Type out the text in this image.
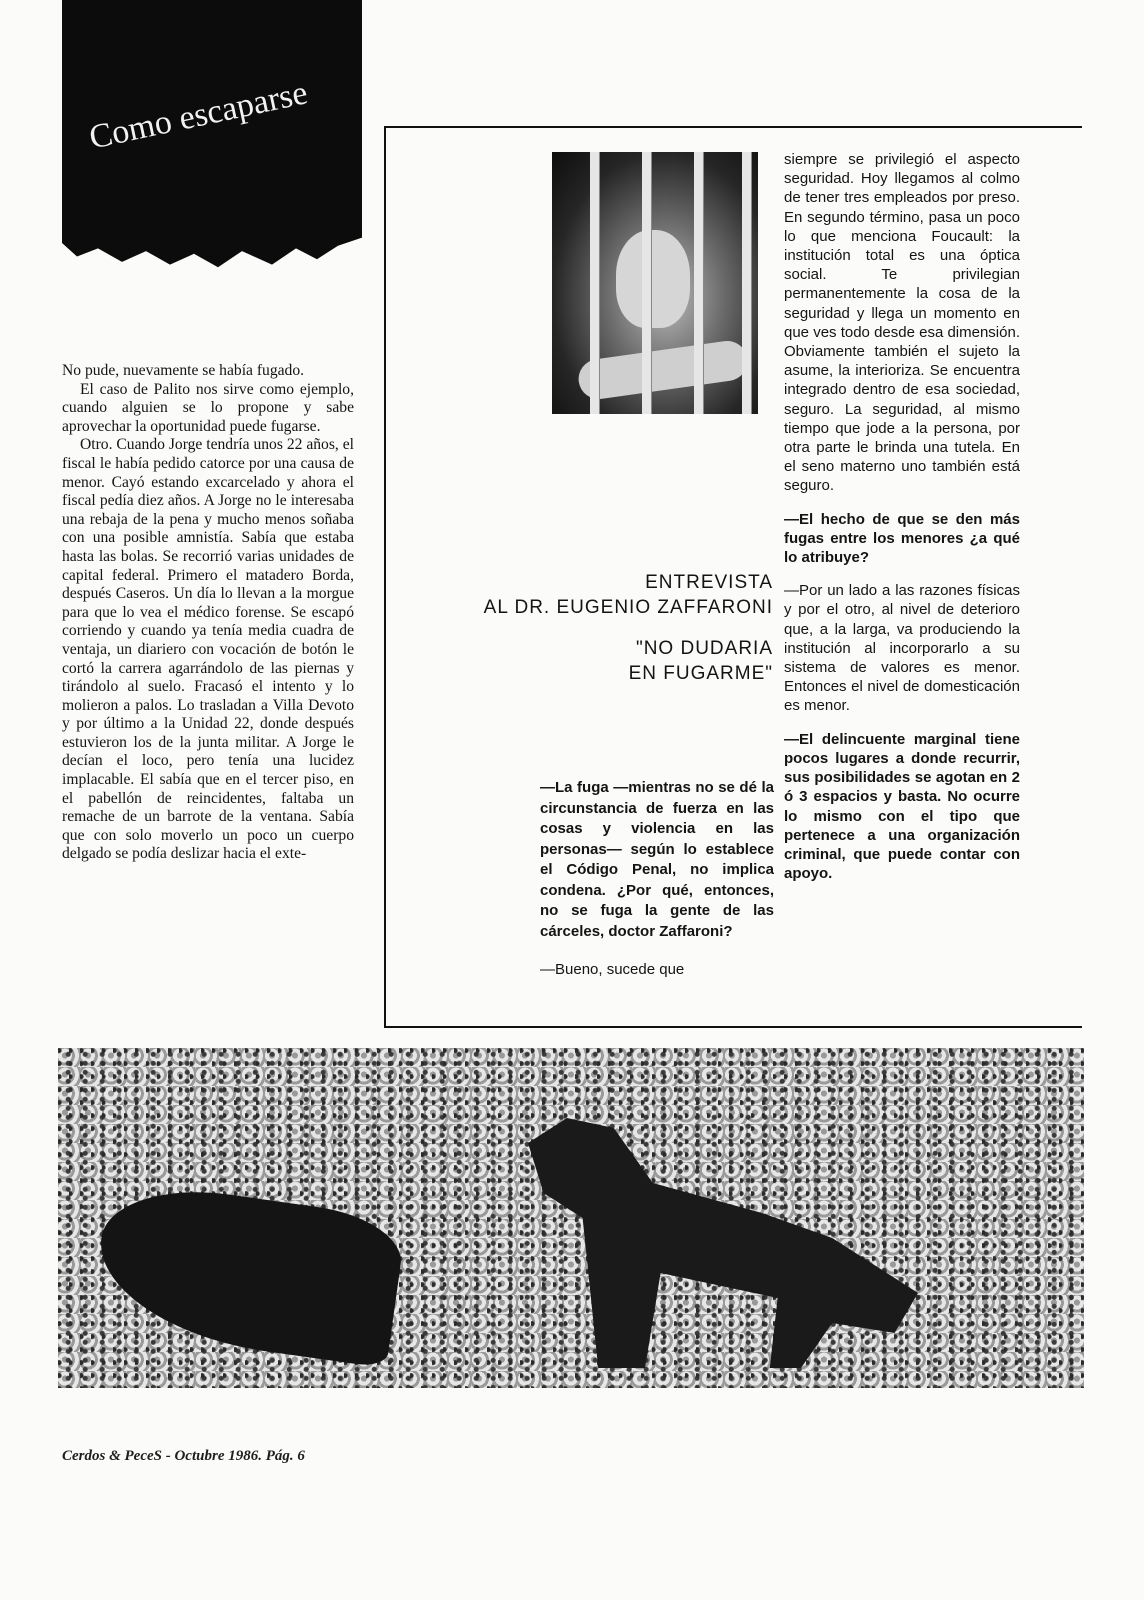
Como escaparse

No pude, nuevamente se había fugado.

El caso de Palito nos sirve como ejemplo, cuando alguien se lo propone y sabe aprovechar la oportunidad puede fugarse.

Otro. Cuando Jorge tendría unos 22 años, el fiscal le había pedido catorce por una causa de menor. Cayó estando excarcelado y ahora el fiscal pedía diez años. A Jorge no le interesaba una rebaja de la pena y mucho menos soñaba con una posible amnistía. Sabía que estaba hasta las bolas. Se recorrió varias unidades de capital federal. Primero el matadero Borda, después Caseros. Un día lo llevan a la morgue para que lo vea el médico forense. Se escapó corriendo y cuando ya tenía media cuadra de ventaja, un diariero con vocación de botón le cortó la carrera agarrándolo de las piernas y tirándolo al suelo. Fracasó el intento y lo molieron a palos. Lo trasladan a Villa Devoto y por último a la Unidad 22, donde después estuvieron los de la junta militar. A Jorge le decían el loco, pero tenía una lucidez implacable. El sabía que en el tercer piso, en el pabellón de reincidentes, faltaba un remache de un barrote de la ventana. Sabía que con solo moverlo un poco un cuerpo delgado se podía deslizar hacia el exte-

ENTREVISTA
AL DR. EUGENIO ZAFFARONI

"NO DUDARIA
EN FUGARME"

—La fuga —mientras no se dé la circunstancia de fuerza en las cosas y violencia en las personas— según lo establece el Código Penal, no implica condena. ¿Por qué, entonces, no se fuga la gente de las cárceles, doctor Zaffaroni?

—Bueno, sucede que

siempre se privilegió el aspecto seguridad. Hoy llegamos al colmo de tener tres empleados por preso. En segundo término, pasa un poco lo que menciona Foucault: la institución total es una óptica social. Te privilegian permanentemente la cosa de la seguridad y llega un momento en que ves todo desde esa dimensión. Obviamente también el sujeto la asume, la interioriza. Se encuentra integrado dentro de esa sociedad, seguro. La seguridad, al mismo tiempo que jode a la persona, por otra parte le brinda una tutela. En el seno materno uno también está seguro.

—El hecho de que se den más fugas entre los menores ¿a qué lo atribuye?

—Por un lado a las razones físicas y por el otro, al nivel de deterioro que, a la larga, va produciendo la institución al incorporarlo a su sistema de valores es menor. Entonces el nivel de domesticación es menor.

—El delincuente marginal tiene pocos lugares a donde recurrir, sus posibilidades se agotan en 2 ó 3 espacios y basta. No ocurre lo mismo con el tipo que pertenece a una organización criminal, que puede contar con apoyo.

Cerdos & PeceS - Octubre 1986. Pág. 6
